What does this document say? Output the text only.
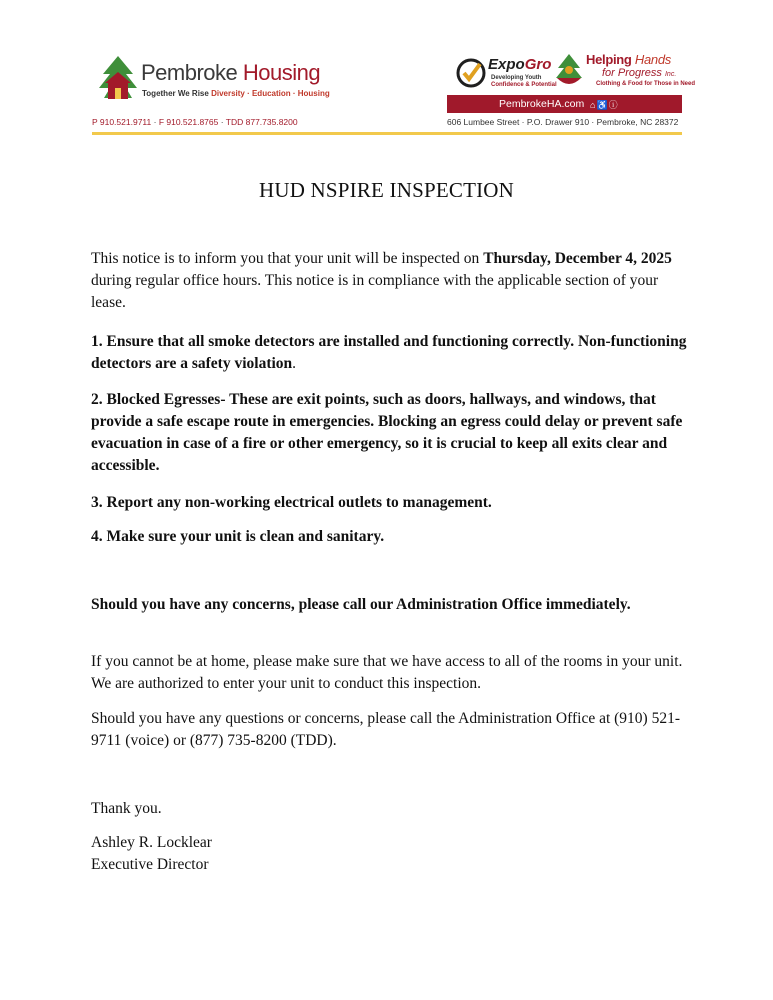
Pembroke Housing
Together We Rise Diversity · Education · Housing
ExpoGro
Developing Youth
Confidence & Potential
Helping Hands
for Progress Inc.
Clothing & Food for Those in Need
PembrokeHA.com ⌂♿ⓘ
P 910.521.9711 · F 910.521.8765 · TDD 877.735.8200	606 Lumbee Street · P.O. Drawer 910 · Pembroke, NC 28372
HUD NSPIRE INSPECTION

This notice is to inform you that your unit will be inspected on Thursday, December 4, 2025 during regular office hours. This notice is in compliance with the applicable section of your lease.

1. Ensure that all smoke detectors are installed and functioning correctly. Non-functioning detectors are a safety violation.

2. Blocked Egresses- These are exit points, such as doors, hallways, and windows, that provide a safe escape route in emergencies. Blocking an egress could delay or prevent safe evacuation in case of a fire or other emergency, so it is crucial to keep all exits clear and accessible.

3. Report any non-working electrical outlets to management.

4. Make sure your unit is clean and sanitary.

Should you have any concerns, please call our Administration Office immediately.

If you cannot be at home, please make sure that we have access to all of the rooms in your unit. We are authorized to enter your unit to conduct this inspection.

Should you have any questions or concerns, please call the Administration Office at (910) 521-9711 (voice) or (877) 735-8200 (TDD).

Thank you.

Ashley R. Locklear
Executive Director
